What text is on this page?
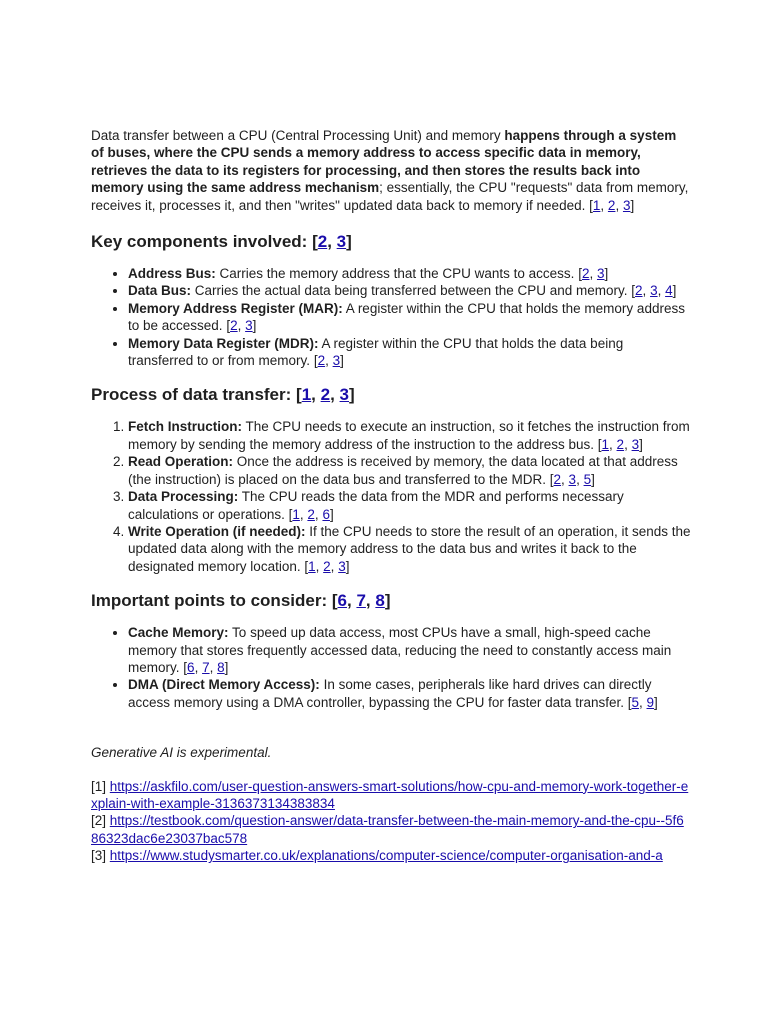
Data transfer between a CPU (Central Processing Unit) and memory happens through a system of buses, where the CPU sends a memory address to access specific data in memory, retrieves the data to its registers for processing, and then stores the results back into memory using the same address mechanism; essentially, the CPU "requests" data from memory, receives it, processes it, and then "writes" updated data back to memory if needed. [1, 2, 3]

Key components involved: [2, 3]
• Address Bus: Carries the memory address that the CPU wants to access. [2, 3]
• Data Bus: Carries the actual data being transferred between the CPU and memory. [2, 3, 4]
• Memory Address Register (MAR): A register within the CPU that holds the memory address to be accessed. [2, 3]
• Memory Data Register (MDR): A register within the CPU that holds the data being transferred to or from memory. [2, 3]
Process of data transfer: [1, 2, 3]
1. Fetch Instruction: The CPU needs to execute an instruction, so it fetches the instruction from memory by sending the memory address of the instruction to the address bus. [1, 2, 3]
2. Read Operation: Once the address is received by memory, the data located at that address (the instruction) is placed on the data bus and transferred to the MDR. [2, 3, 5]
3. Data Processing: The CPU reads the data from the MDR and performs necessary calculations or operations. [1, 2, 6]
4. Write Operation (if needed): If the CPU needs to store the result of an operation, it sends the updated data along with the memory address to the data bus and writes it back to the designated memory location. [1, 2, 3]
Important points to consider: [6, 7, 8]
• Cache Memory: To speed up data access, most CPUs have a small, high-speed cache memory that stores frequently accessed data, reducing the need to constantly access main memory. [6, 7, 8]
• DMA (Direct Memory Access): In some cases, peripherals like hard drives can directly access memory using a DMA controller, bypassing the CPU for faster data transfer. [5, 9]

Generative AI is experimental.

[1] https://askfilo.com/user-question-answers-smart-solutions/how-cpu-and-memory-work-together-explain-with-example-3136373134383834

[2] https://testbook.com/question-answer/data-transfer-between-the-main-memory-and-the-cpu--5f686323dac6e23037bac578

[3] https://www.studysmarter.co.uk/explanations/computer-science/computer-organisation-and-a
